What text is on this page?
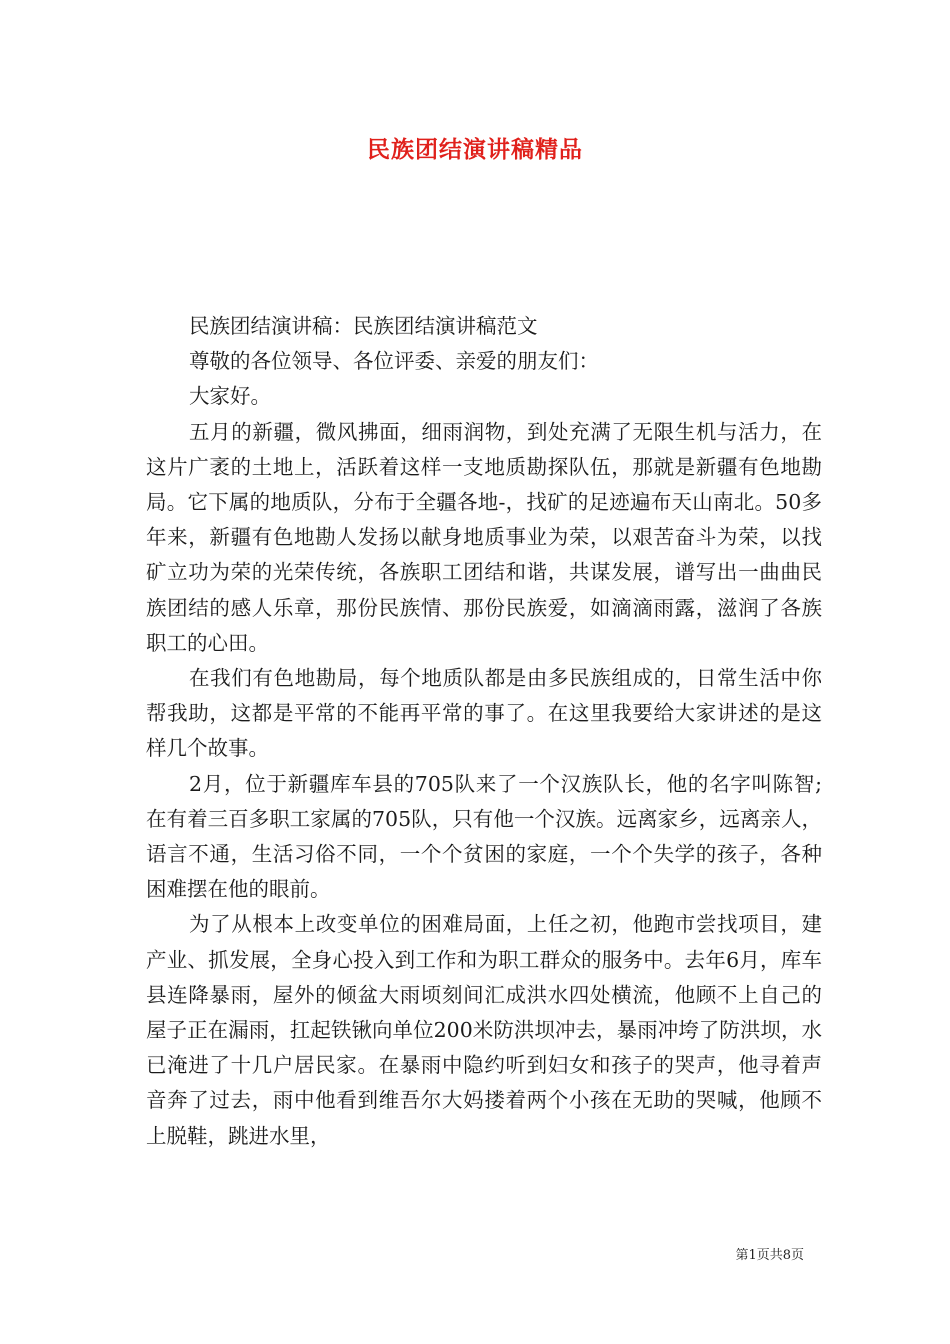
民族团结演讲稿精品

民族团结演讲稿：民族团结演讲稿范文

尊敬的各位领导、各位评委、亲爱的朋友们：

大家好。

五月的新疆，微风拂面，细雨润物，到处充满了无限生机与活力，在这片广袤的土地上，活跃着这样一支地质勘探队伍，那就是新疆有色地勘局。它下属的地质队，分布于全疆各地-，找矿的足迹遍布天山南北。50多年来，新疆有色地勘人发扬以献身地质事业为荣，以艰苦奋斗为荣，以找矿立功为荣的光荣传统，各族职工团结和谐，共谋发展，谱写出一曲曲民族团结的感人乐章，那份民族情、那份民族爱，如滴滴雨露，滋润了各族职工的心田。

在我们有色地勘局，每个地质队都是由多民族组成的，日常生活中你帮我助，这都是平常的不能再平常的事了。在这里我要给大家讲述的是这样几个故事。

2月，位于新疆库车县的705队来了一个汉族队长，他的名字叫陈智;在有着三百多职工家属的705队，只有他一个汉族。远离家乡，远离亲人，语言不通，生活习俗不同，一个个贫困的家庭，一个个失学的孩子，各种困难摆在他的眼前。

为了从根本上改变单位的困难局面，上任之初，他跑市尝找项目，建产业、抓发展，全身心投入到工作和为职工群众的服务中。去年6月，库车县连降暴雨，屋外的倾盆大雨顷刻间汇成洪水四处横流，他顾不上自己的屋子正在漏雨，扛起铁锹向单位200米防洪坝冲去，暴雨冲垮了防洪坝，水已淹进了十几户居民家。在暴雨中隐约听到妇女和孩子的哭声，他寻着声音奔了过去，雨中他看到维吾尔大妈搂着两个小孩在无助的哭喊，他顾不上脱鞋，跳进水里，

第1页共8页
